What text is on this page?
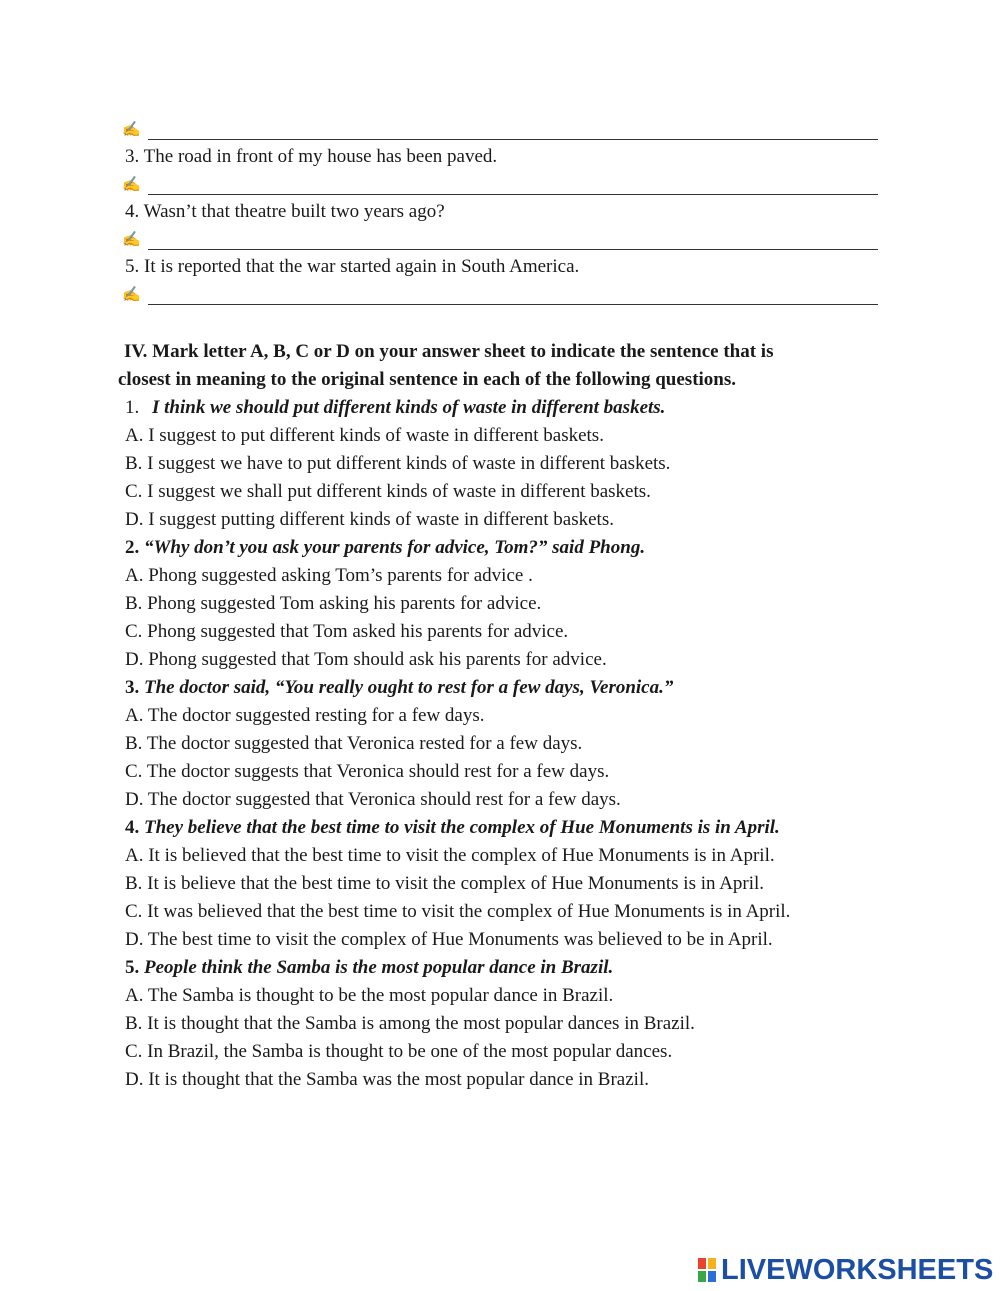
✍
3. The road in front of my house has been paved.
✍
4. Wasn’t that theatre built two years ago?
✍
5. It is reported that the war started again in South America.
✍
IV. Mark letter A, B, C or D on your answer sheet to indicate the sentence that is
closest in meaning to the original sentence in each of the following questions.
1. I think we should put different kinds of waste in different baskets.
A. I suggest to put different kinds of waste in different baskets.
B. I suggest we have to put different kinds of waste in different baskets.
C. I suggest we shall put different kinds of waste in different baskets.
D. I suggest putting different kinds of waste in different baskets.
2. “Why don’t you ask your parents for advice, Tom?” said Phong.
A. Phong suggested asking Tom’s parents for advice .
B. Phong suggested Tom asking his parents for advice.
C. Phong suggested that Tom asked his parents for advice.
D. Phong suggested that Tom should ask his parents for advice.
3. The doctor said, “You really ought to rest for a few days, Veronica.”
A. The doctor suggested resting for a few days.
B. The doctor suggested that Veronica rested for a few days.
C. The doctor suggests that Veronica should rest for a few days.
D. The doctor suggested that Veronica should rest for a few days.
4. They believe that the best time to visit the complex of Hue Monuments is in April.
A. It is believed that the best time to visit the complex of Hue Monuments is in April.
B. It is believe that the best time to visit the complex of Hue Monuments is in April.
C. It was believed that the best time to visit the complex of Hue Monuments is in April.
D. The best time to visit the complex of Hue Monuments was believed to be in April.
5. People think the Samba is the most popular dance in Brazil.
A. The Samba is thought to be the most popular dance in Brazil.
B. It is thought that the Samba is among the most popular dances in Brazil.
C. In Brazil, the Samba is thought to be one of the most popular dances.
D. It is thought that the Samba was the most popular dance in Brazil.
LIVEWORKSHEETS
